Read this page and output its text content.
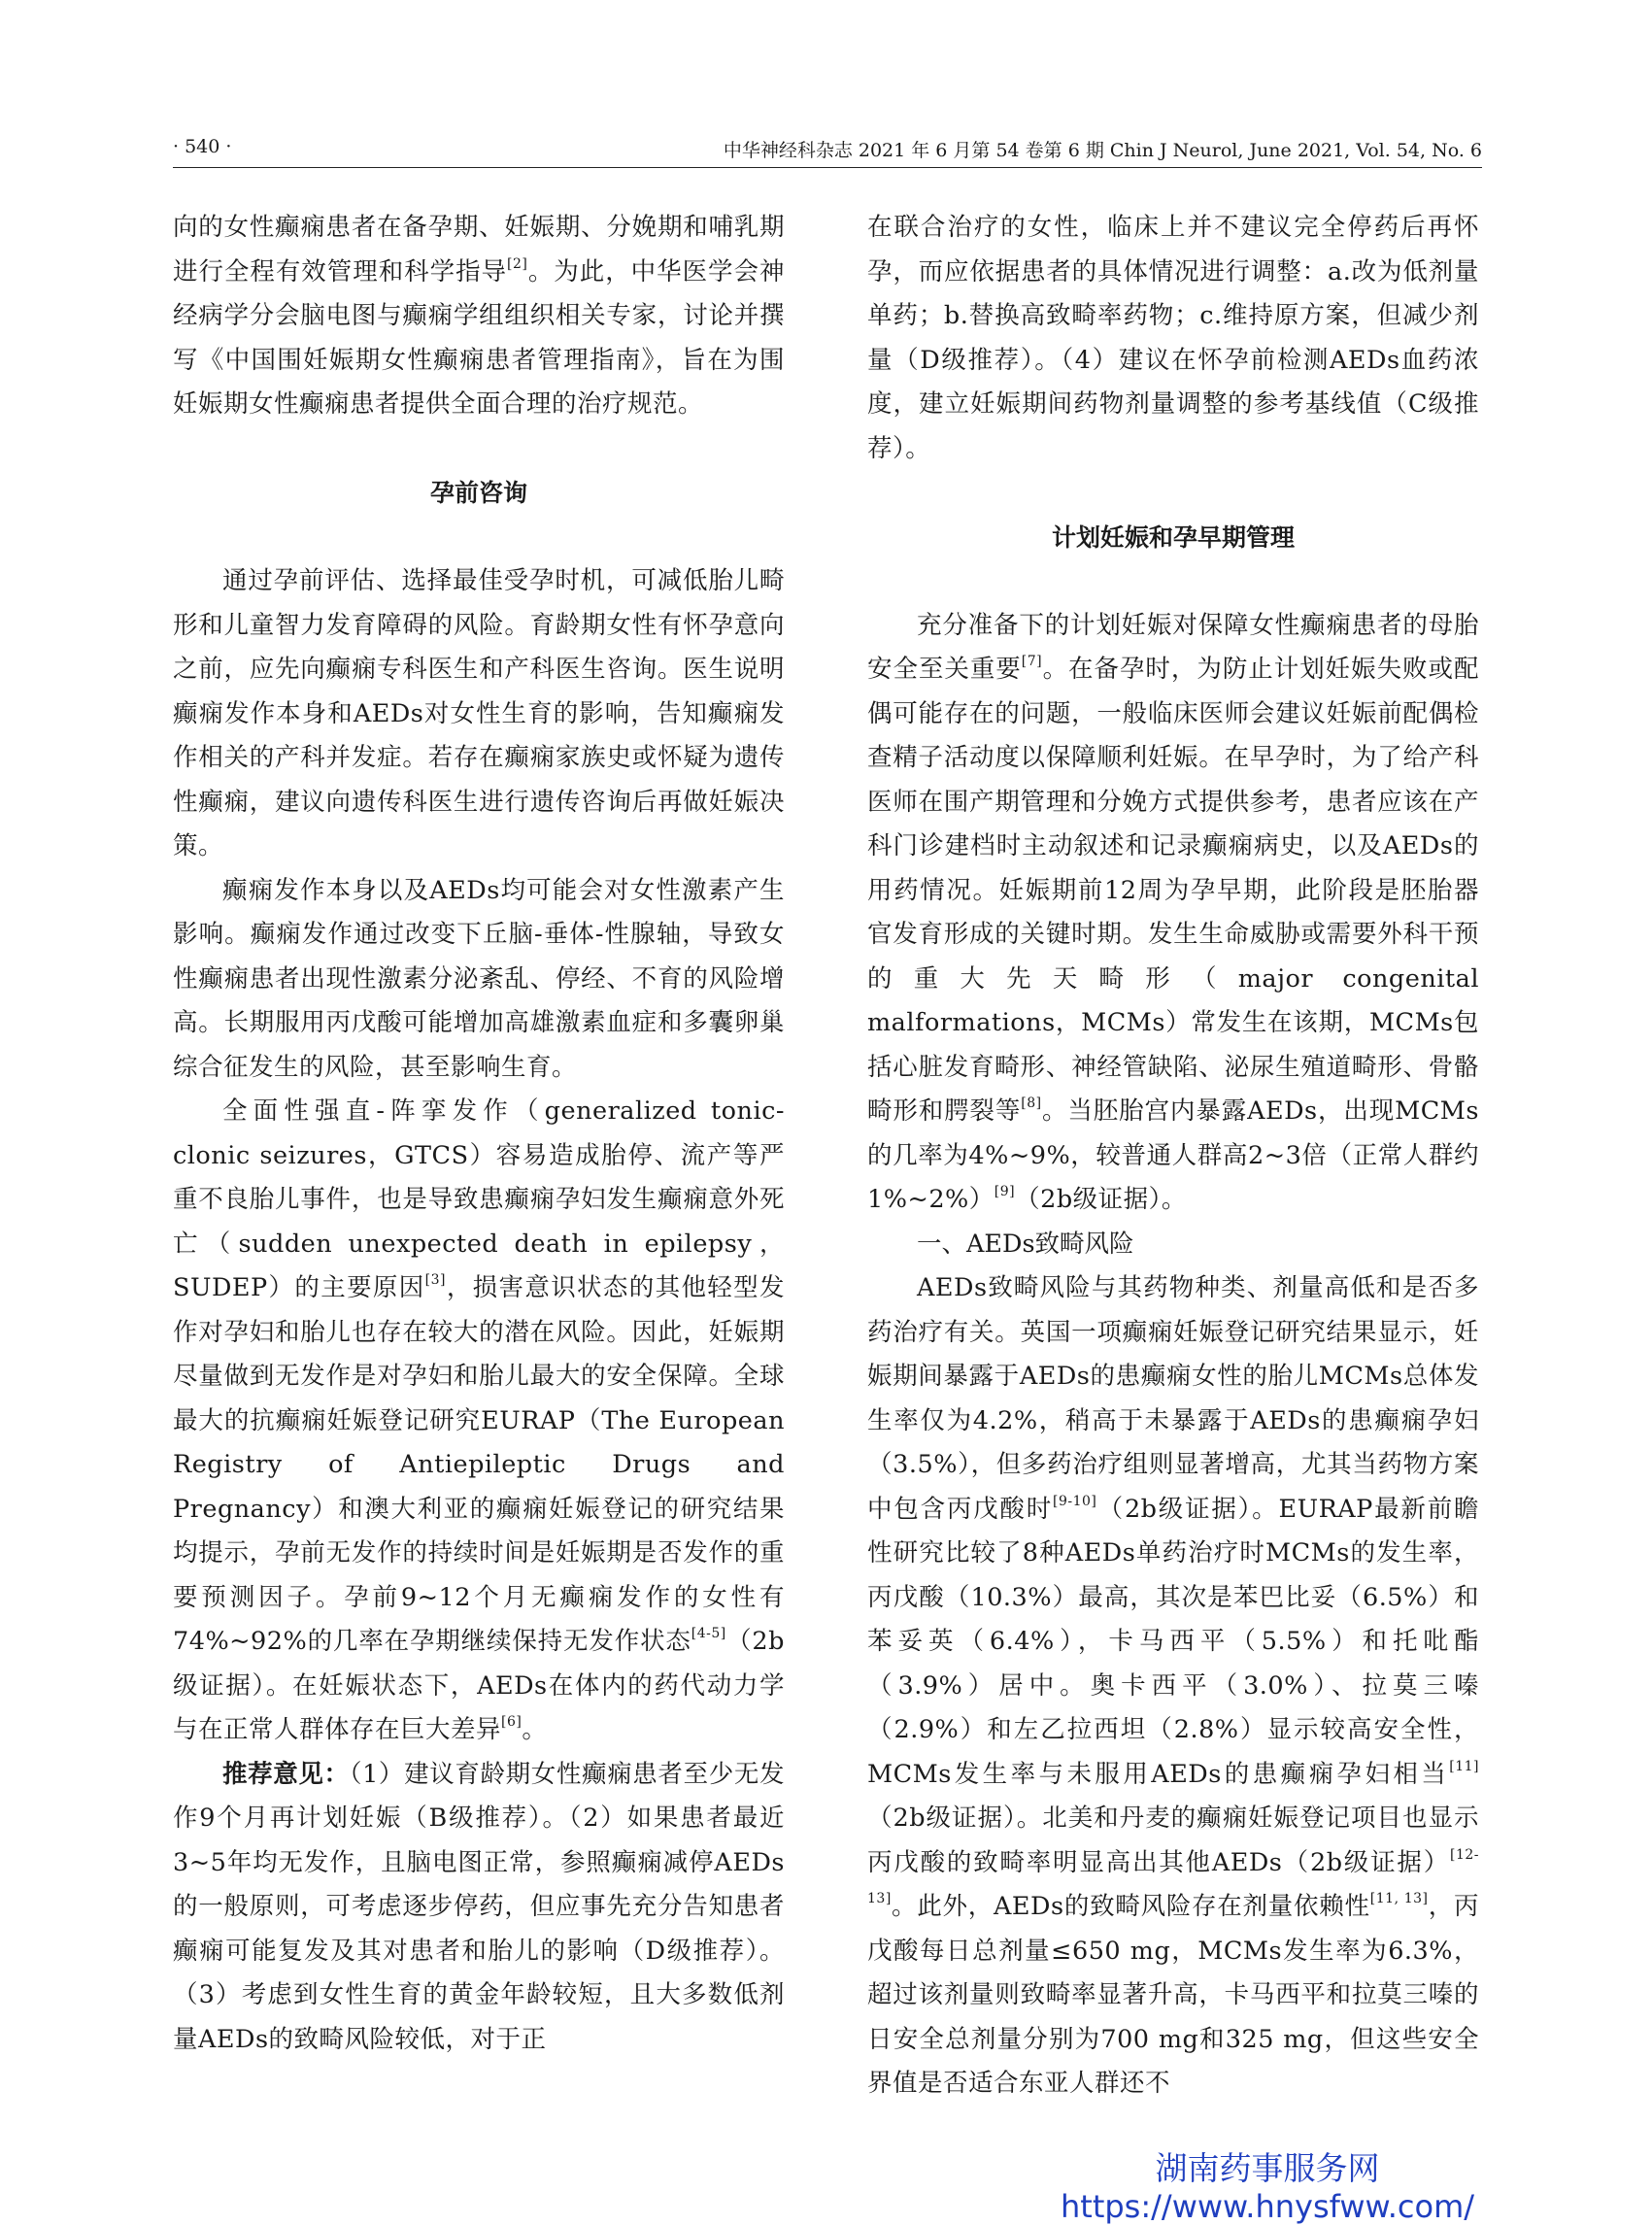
· 540 ·	中华神经科杂志 2021 年 6 月第 54 卷第 6 期 Chin J Neurol, June 2021, Vol. 54, No. 6

向的女性癫痫患者在备孕期、妊娠期、分娩期和哺乳期进行全程有效管理和科学指导[2]。为此，中华医学会神经病学分会脑电图与癫痫学组组织相关专家，讨论并撰写《中国围妊娠期女性癫痫患者管理指南》，旨在为围妊娠期女性癫痫患者提供全面合理的治疗规范。

孕前咨询

通过孕前评估、选择最佳受孕时机，可减低胎儿畸形和儿童智力发育障碍的风险。育龄期女性有怀孕意向之前，应先向癫痫专科医生和产科医生咨询。医生说明癫痫发作本身和AEDs对女性生育的影响，告知癫痫发作相关的产科并发症。若存在癫痫家族史或怀疑为遗传性癫痫，建议向遗传科医生进行遗传咨询后再做妊娠决策。

癫痫发作本身以及AEDs均可能会对女性激素产生影响。癫痫发作通过改变下丘脑-垂体-性腺轴，导致女性癫痫患者出现性激素分泌紊乱、停经、不育的风险增高。长期服用丙戊酸可能增加高雄激素血症和多囊卵巢综合征发生的风险，甚至影响生育。

全面性强直-阵挛发作（generalized tonic-clonic seizures，GTCS）容易造成胎停、流产等严重不良胎儿事件，也是导致患癫痫孕妇发生癫痫意外死亡（sudden unexpected death in epilepsy，SUDEP）的主要原因[3]，损害意识状态的其他轻型发作对孕妇和胎儿也存在较大的潜在风险。因此，妊娠期尽量做到无发作是对孕妇和胎儿最大的安全保障。全球最大的抗癫痫妊娠登记研究EURAP（The European Registry of Antiepileptic Drugs and Pregnancy）和澳大利亚的癫痫妊娠登记的研究结果均提示，孕前无发作的持续时间是妊娠期是否发作的重要预测因子。孕前9~12个月无癫痫发作的女性有74%~92%的几率在孕期继续保持无发作状态[4-5]（2b级证据）。在妊娠状态下，AEDs在体内的药代动力学与在正常人群体存在巨大差异[6]。

推荐意见：（1）建议育龄期女性癫痫患者至少无发作9个月再计划妊娠（B级推荐）。（2）如果患者最近3~5年均无发作，且脑电图正常，参照癫痫减停AEDs的一般原则，可考虑逐步停药，但应事先充分告知患者癫痫可能复发及其对患者和胎儿的影响（D级推荐）。（3）考虑到女性生育的黄金年龄较短，且大多数低剂量AEDs的致畸风险较低，对于正

在联合治疗的女性，临床上并不建议完全停药后再怀孕，而应依据患者的具体情况进行调整：a.改为低剂量单药；b.替换高致畸率药物；c.维持原方案，但减少剂量（D级推荐）。（4）建议在怀孕前检测AEDs血药浓度，建立妊娠期间药物剂量调整的参考基线值（C级推荐）。

计划妊娠和孕早期管理

充分准备下的计划妊娠对保障女性癫痫患者的母胎安全至关重要[7]。在备孕时，为防止计划妊娠失败或配偶可能存在的问题，一般临床医师会建议妊娠前配偶检查精子活动度以保障顺利妊娠。在早孕时，为了给产科医师在围产期管理和分娩方式提供参考，患者应该在产科门诊建档时主动叙述和记录癫痫病史，以及AEDs的用药情况。妊娠期前12周为孕早期，此阶段是胚胎器官发育形成的关键时期。发生生命威胁或需要外科干预的重大先天畸形（major congenital malformations，MCMs）常发生在该期，MCMs包括心脏发育畸形、神经管缺陷、泌尿生殖道畸形、骨骼畸形和腭裂等[8]。当胚胎宫内暴露AEDs，出现MCMs的几率为4%~9%，较普通人群高2~3倍（正常人群约1%~2%）[9]（2b级证据）。

一、AEDs致畸风险

AEDs致畸风险与其药物种类、剂量高低和是否多药治疗有关。英国一项癫痫妊娠登记研究结果显示，妊娠期间暴露于AEDs的患癫痫女性的胎儿MCMs总体发生率仅为4.2%，稍高于未暴露于AEDs的患癫痫孕妇（3.5%），但多药治疗组则显著增高，尤其当药物方案中包含丙戊酸时[9-10]（2b级证据）。EURAP最新前瞻性研究比较了8种AEDs单药治疗时MCMs的发生率，丙戊酸（10.3%）最高，其次是苯巴比妥（6.5%）和苯妥英（6.4%），卡马西平（5.5%）和托吡酯（3.9%）居中。奥卡西平（3.0%）、拉莫三嗪（2.9%）和左乙拉西坦（2.8%）显示较高安全性，MCMs发生率与未服用AEDs的患癫痫孕妇相当[11]（2b级证据）。北美和丹麦的癫痫妊娠登记项目也显示丙戊酸的致畸率明显高出其他AEDs（2b级证据）[12-13]。此外，AEDs的致畸风险存在剂量依赖性[11, 13]，丙戊酸每日总剂量≤650 mg，MCMs发生率为6.3%，超过该剂量则致畸率显著升高，卡马西平和拉莫三嗪的日安全总剂量分别为700 mg和325 mg，但这些安全界值是否适合东亚人群还不

湖南药事服务网
https://www.hnysfww.com/
